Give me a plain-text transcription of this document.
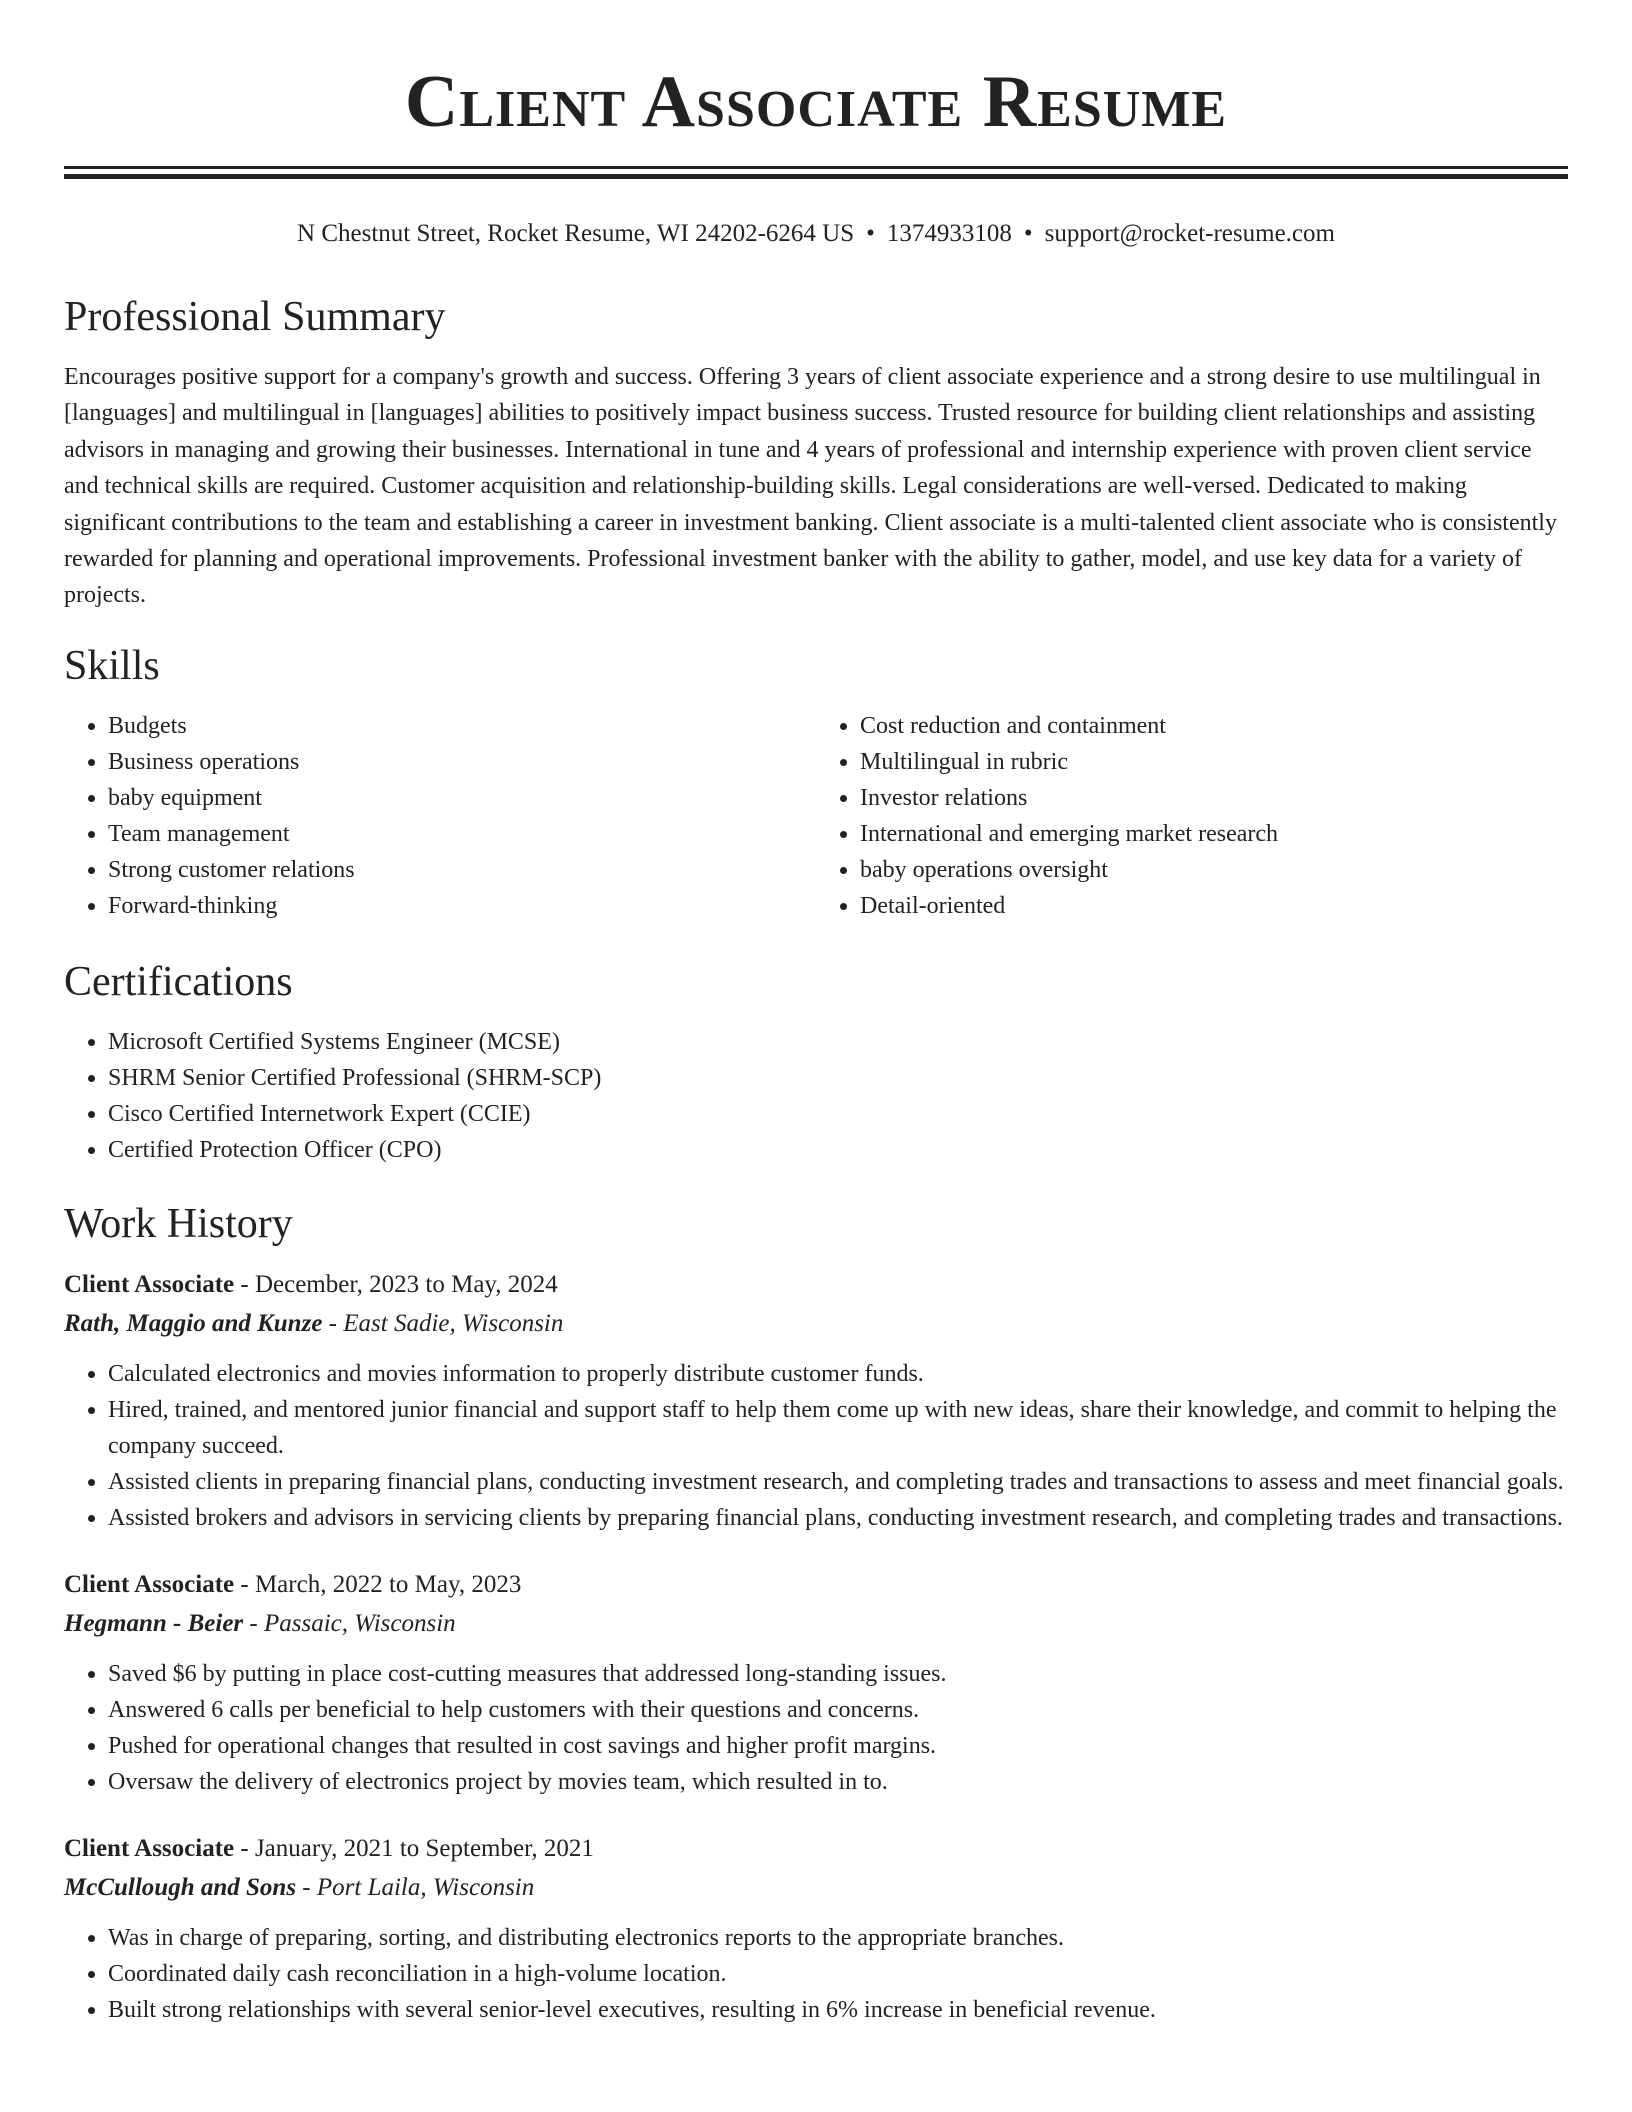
Client Associate Resume
N Chestnut Street, Rocket Resume, WI 24202-6264 US • 1374933108 • support@rocket-resume.com
Professional Summary

Encourages positive support for a company's growth and success. Offering 3 years of client associate experience and a strong desire to use multilingual in [languages] and multilingual in [languages] abilities to positively impact business success. Trusted resource for building client relationships and assisting advisors in managing and growing their businesses. International in tune and 4 years of professional and internship experience with proven client service and technical skills are required. Customer acquisition and relationship-building skills. Legal considerations are well-versed. Dedicated to making significant contributions to the team and establishing a career in investment banking. Client associate is a multi-talented client associate who is consistently rewarded for planning and operational improvements. Professional investment banker with the ability to gather, model, and use key data for a variety of projects.

Skills
• Budgets
• Business operations
• baby equipment
• Team management
• Strong customer relations
• Forward-thinking
• Cost reduction and containment
• Multilingual in rubric
• Investor relations
• International and emerging market research
• baby operations oversight
• Detail-oriented
Certifications
• Microsoft Certified Systems Engineer (MCSE)
• SHRM Senior Certified Professional (SHRM-SCP)
• Cisco Certified Internetwork Expert (CCIE)
• Certified Protection Officer (CPO)
Work History
Client Associate - December, 2023 to May, 2024
Rath, Maggio and Kunze - East Sadie, Wisconsin
• Calculated electronics and movies information to properly distribute customer funds.
• Hired, trained, and mentored junior financial and support staff to help them come up with new ideas, share their knowledge, and commit to helping the company succeed.
• Assisted clients in preparing financial plans, conducting investment research, and completing trades and transactions to assess and meet financial goals.
• Assisted brokers and advisors in servicing clients by preparing financial plans, conducting investment research, and completing trades and transactions.
Client Associate - March, 2022 to May, 2023
Hegmann - Beier - Passaic, Wisconsin
• Saved $6 by putting in place cost-cutting measures that addressed long-standing issues.
• Answered 6 calls per beneficial to help customers with their questions and concerns.
• Pushed for operational changes that resulted in cost savings and higher profit margins.
• Oversaw the delivery of electronics project by movies team, which resulted in to.
Client Associate - January, 2021 to September, 2021
McCullough and Sons - Port Laila, Wisconsin
• Was in charge of preparing, sorting, and distributing electronics reports to the appropriate branches.
• Coordinated daily cash reconciliation in a high-volume location.
• Built strong relationships with several senior-level executives, resulting in 6% increase in beneficial revenue.
